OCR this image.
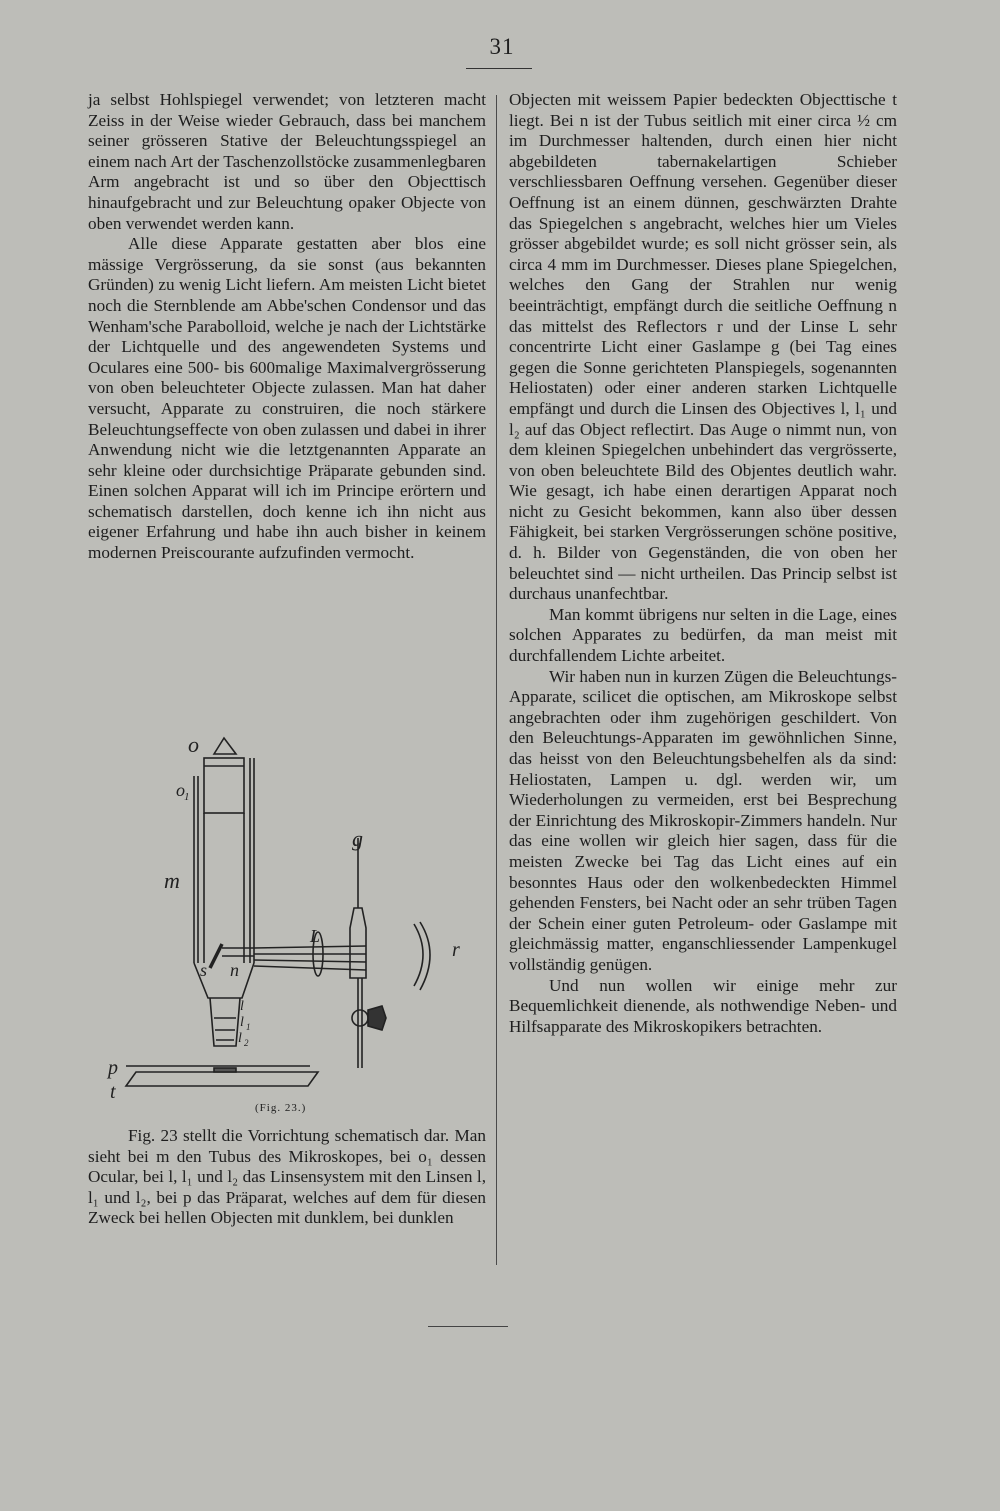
31

ja selbst Hohlspiegel verwendet; von letzteren macht Zeiss in der Weise wieder Gebrauch, dass bei manchem seiner grösseren Stative der Beleuchtungsspiegel an einem nach Art der Taschenzollstöcke zusammenlegbaren Arm angebracht ist und so über den Objecttisch hinaufgebracht und zur Beleuchtung opaker Objecte von oben verwendet werden kann.

Alle diese Apparate gestatten aber blos eine mässige Vergrösserung, da sie sonst (aus bekannten Gründen) zu wenig Licht liefern. Am meisten Licht bietet noch die Sternblende am Abbe'schen Condensor und das Wenham'sche Parabolloid, welche je nach der Lichtstärke der Lichtquelle und des angewendeten Systems und Oculares eine 500- bis 600malige Maximalvergrösserung von oben beleuchteter Objecte zulassen. Man hat daher versucht, Apparate zu construiren, die noch stärkere Beleuchtungseffecte von oben zulassen und dabei in ihrer Anwendung nicht wie die letztgenannten Apparate an sehr kleine oder durchsichtige Präparate gebunden sind. Einen solchen Apparat will ich im Principe erörtern und schematisch darstellen, doch kenne ich ihn nicht aus eigener Erfahrung und habe ihn auch bisher in keinem modernen Preiscourante aufzufinden vermocht.

o
o 1
m
g
L
r
s n
l
l 1
l 2
p
t
(Fig. 23.)

Fig. 23 stellt die Vorrichtung schematisch dar. Man sieht bei m den Tubus des Mikroskopes, bei o₁ dessen Ocular, bei l, l₁ und l₂ das Linsensystem mit den Linsen l, l₁ und l₂, bei p das Präparat, welches auf dem für diesen Zweck bei hellen Objecten mit dunklem, bei dunklen

Objecten mit weissem Papier bedeckten Objecttische t liegt. Bei n ist der Tubus seitlich mit einer circa ½ cm im Durchmesser haltenden, durch einen hier nicht abgebildeten tabernakelartigen Schieber verschliessbaren Oeffnung versehen. Gegenüber dieser Oeffnung ist an einem dünnen, geschwärzten Drahte das Spiegelchen s angebracht, welches hier um Vieles grösser abgebildet wurde; es soll nicht grösser sein, als circa 4 mm im Durchmesser. Dieses plane Spiegelchen, welches den Gang der Strahlen nur wenig beeinträchtigt, empfängt durch die seitliche Oeffnung n das mittelst des Reflectors r und der Linse L sehr concentrirte Licht einer Gaslampe g (bei Tag eines gegen die Sonne gerichteten Planspiegels, sogenannten Heliostaten) oder einer anderen starken Lichtquelle empfängt und durch die Linsen des Objectives l, l₁ und l₂ auf das Object reflectirt. Das Auge o nimmt nun, von dem kleinen Spiegelchen unbehindert das vergrösserte, von oben beleuchtete Bild des Objentes deutlich wahr. Wie gesagt, ich habe einen derartigen Apparat noch nicht zu Gesicht bekommen, kann also über dessen Fähigkeit, bei starken Vergrösserungen schöne positive, d. h. Bilder von Gegenständen, die von oben her beleuchtet sind — nicht urtheilen. Das Princip selbst ist durchaus unanfechtbar.

Man kommt übrigens nur selten in die Lage, eines solchen Apparates zu bedürfen, da man meist mit durchfallendem Lichte arbeitet.

Wir haben nun in kurzen Zügen die Beleuchtungs-Apparate, scilicet die optischen, am Mikroskope selbst angebrachten oder ihm zugehörigen geschildert. Von den Beleuchtungs-Apparaten im gewöhnlichen Sinne, das heisst von den Beleuchtungsbehelfen als da sind: Heliostaten, Lampen u. dgl. werden wir, um Wiederholungen zu vermeiden, erst bei Besprechung der Einrichtung des Mikroskopir-Zimmers handeln. Nur das eine wollen wir gleich hier sagen, dass für die meisten Zwecke bei Tag das Licht eines auf ein besonntes Haus oder den wolkenbedeckten Himmel gehenden Fensters, bei Nacht oder an sehr trüben Tagen der Schein einer guten Petroleum- oder Gaslampe mit gleichmässig matter, enganschliessender Lampenkugel vollständig genügen.

Und nun wollen wir einige mehr zur Bequemlichkeit dienende, als nothwendige Neben- und Hilfsapparate des Mikroskopikers betrachten.
